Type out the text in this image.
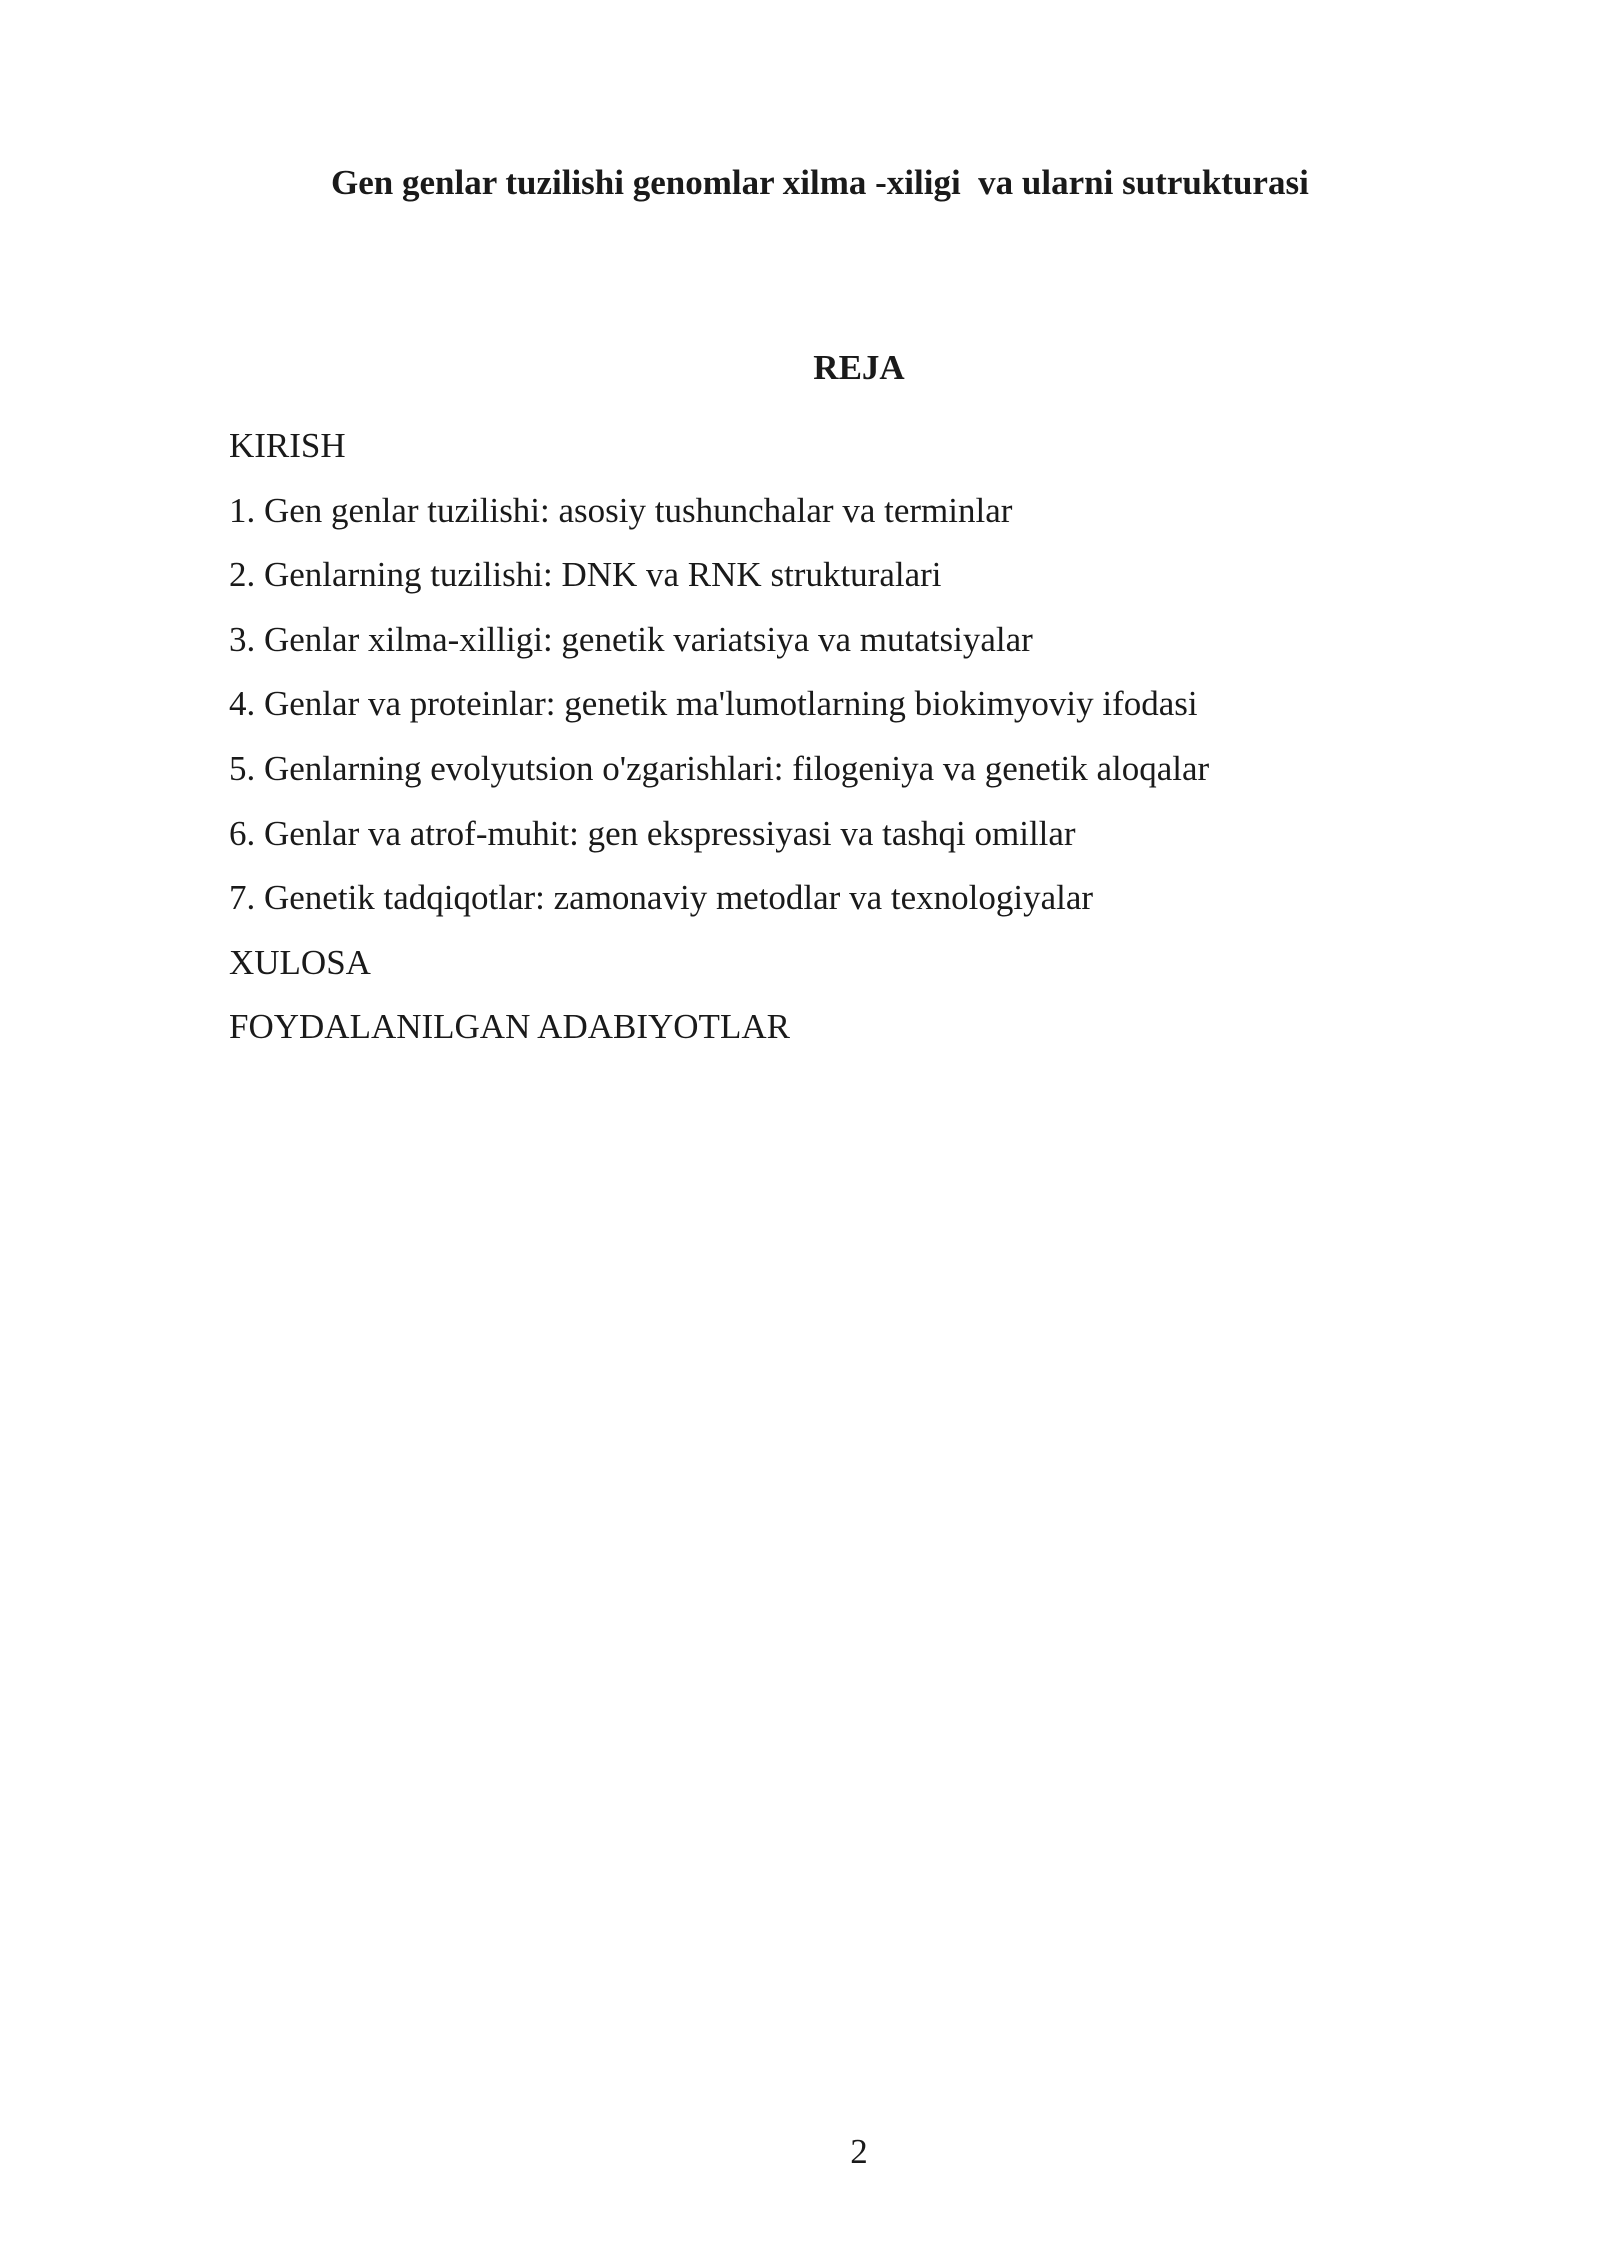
Gen genlar tuzilishi genomlar xilma -xiligi  va ularni sutrukturasi
REJA
KIRISH
1. Gen genlar tuzilishi: asosiy tushunchalar va terminlar
2. Genlarning tuzilishi: DNK va RNK strukturalari
3. Genlar xilma-xilligi: genetik variatsiya va mutatsiyalar
4. Genlar va proteinlar: genetik ma'lumotlarning biokimyoviy ifodasi
5. Genlarning evolyutsion o'zgarishlari: filogeniya va genetik aloqalar
6. Genlar va atrof-muhit: gen ekspressiyasi va tashqi omillar
7. Genetik tadqiqotlar: zamonaviy metodlar va texnologiyalar
XULOSA
FOYDALANILGAN ADABIYOTLAR
2
